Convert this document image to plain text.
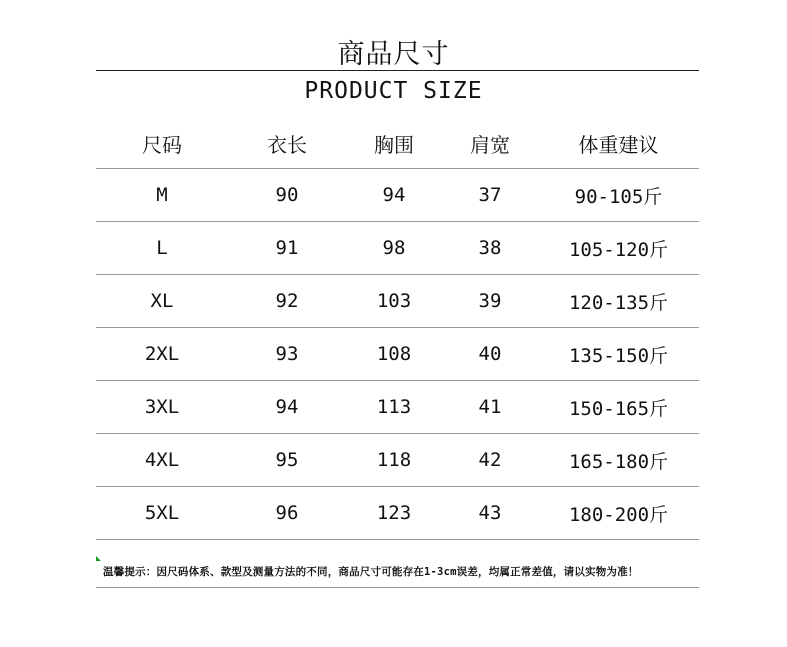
商品尺寸
PRODUCT SIZE
尺码	衣长	胸围	肩宽	体重建议
M	90	94	37	90-105斤
L	91	98	38	105-120斤
XL	92	103	39	120-135斤
2XL	93	108	40	135-150斤
3XL	94	113	41	150-165斤
4XL	95	118	42	165-180斤
5XL	96	123	43	180-200斤
温馨提示：因尺码体系、款型及测量方法的不同，商品尺寸可能存在1-3cm误差，均属正常差值，请以实物为准！
